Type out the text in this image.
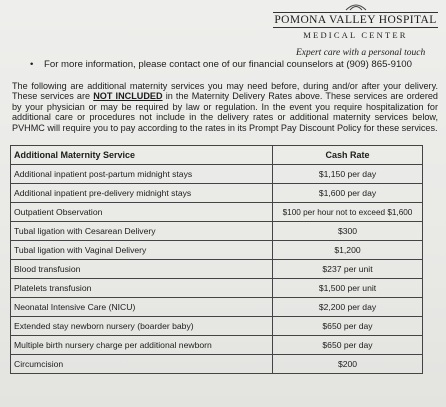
POMONA VALLEY HOSPITAL
MEDICAL CENTER
Expert care with a personal touch
• For more information, please contact one of our financial counselors at (909) 865-9100

The following are additional maternity services you may need before, during and/or after your delivery. These services are NOT INCLUDED in the Maternity Delivery Rates above. These services are ordered by your physician or may be required by law or regulation. In the event you require hospitalization for additional care or procedures not include in the delivery rates or additional maternity services below, PVHMC will require you to pay according to the rates in its Prompt Pay Discount Policy for these services.

Additional Maternity Service	Cash Rate
Additional inpatient post-partum midnight stays	$1,150 per day
Additional inpatient pre-delivery midnight stays	$1,600 per day
Outpatient Observation	$100 per hour not to exceed $1,600
Tubal ligation with Cesarean Delivery	$300
Tubal ligation with Vaginal Delivery	$1,200
Blood transfusion	$237 per unit
Platelets transfusion	$1,500 per unit
Neonatal Intensive Care (NICU)	$2,200 per day
Extended stay newborn nursery (boarder baby)	$650 per day
Multiple birth nursery charge per additional newborn	$650 per day
Circumcision	$200
